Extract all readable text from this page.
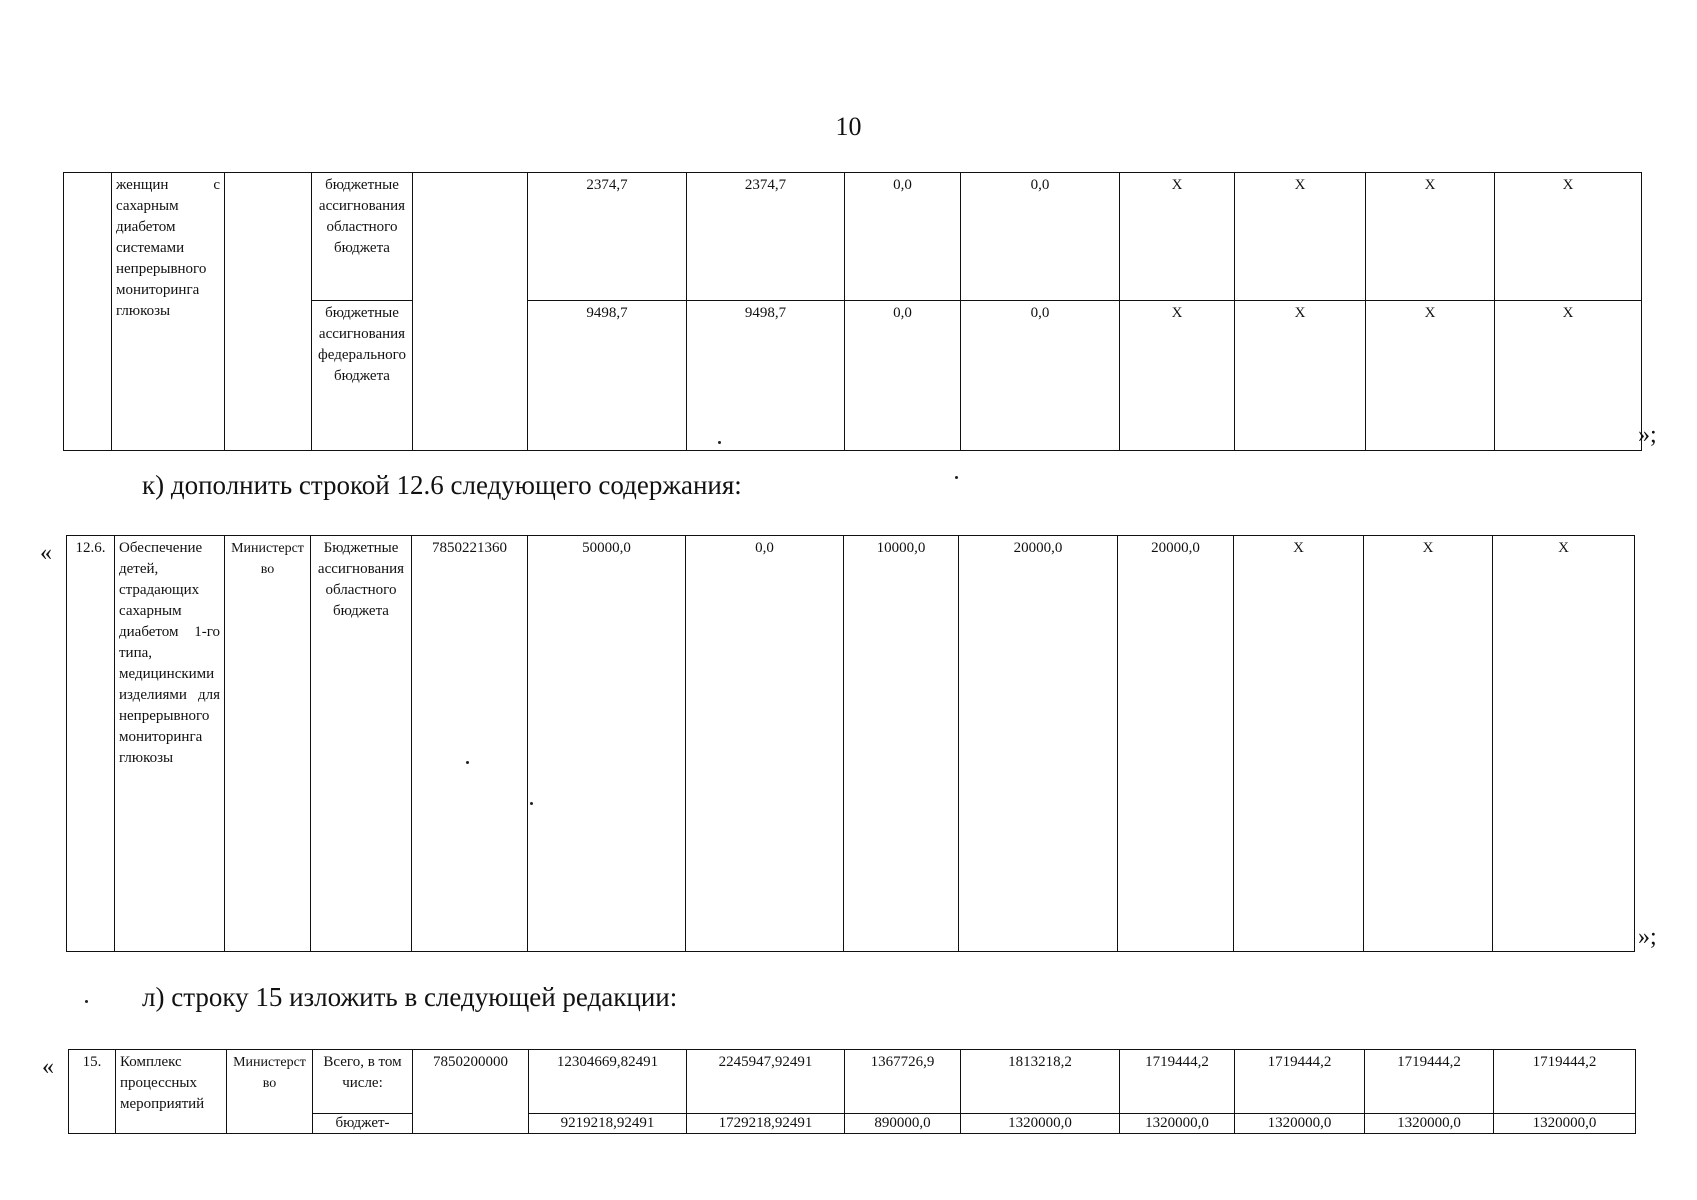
10
	женщин с сахарным диабетом системами непрерывного мониторинга глюкозы		бюджетные ассигнования областного бюджета		2374,7	2374,7	0,0	0,0	X	X	X	X
			бюджетные ассигнования федерального бюджета		9498,7	9498,7	0,0	0,0	X	X	X	X
»;
к) дополнить строкой 12.6 следующего содержания:
« 12.6.	Обеспечение детей, страдающих сахарным диабетом 1-го типа, медицинскими изделиями для непрерывного мониторинга глюкозы	Министерство	Бюджетные ассигнования областного бюджета	7850221360	50000,0	0,0	10000,0	20000,0	20000,0	X	X	X
»;
л) строку 15 изложить в следующей редакции:
« 15.	Комплекс процессных мероприятий	Министерство	Всего, в том числе:	7850200000	12304669,82491	2245947,92491	1367726,9	1813218,2	1719444,2	1719444,2	1719444,2	1719444,2
			бюджет-		9219218,92491	1729218,92491	890000,0	1320000,0	1320000,0	1320000,0	1320000,0	1320000,0
